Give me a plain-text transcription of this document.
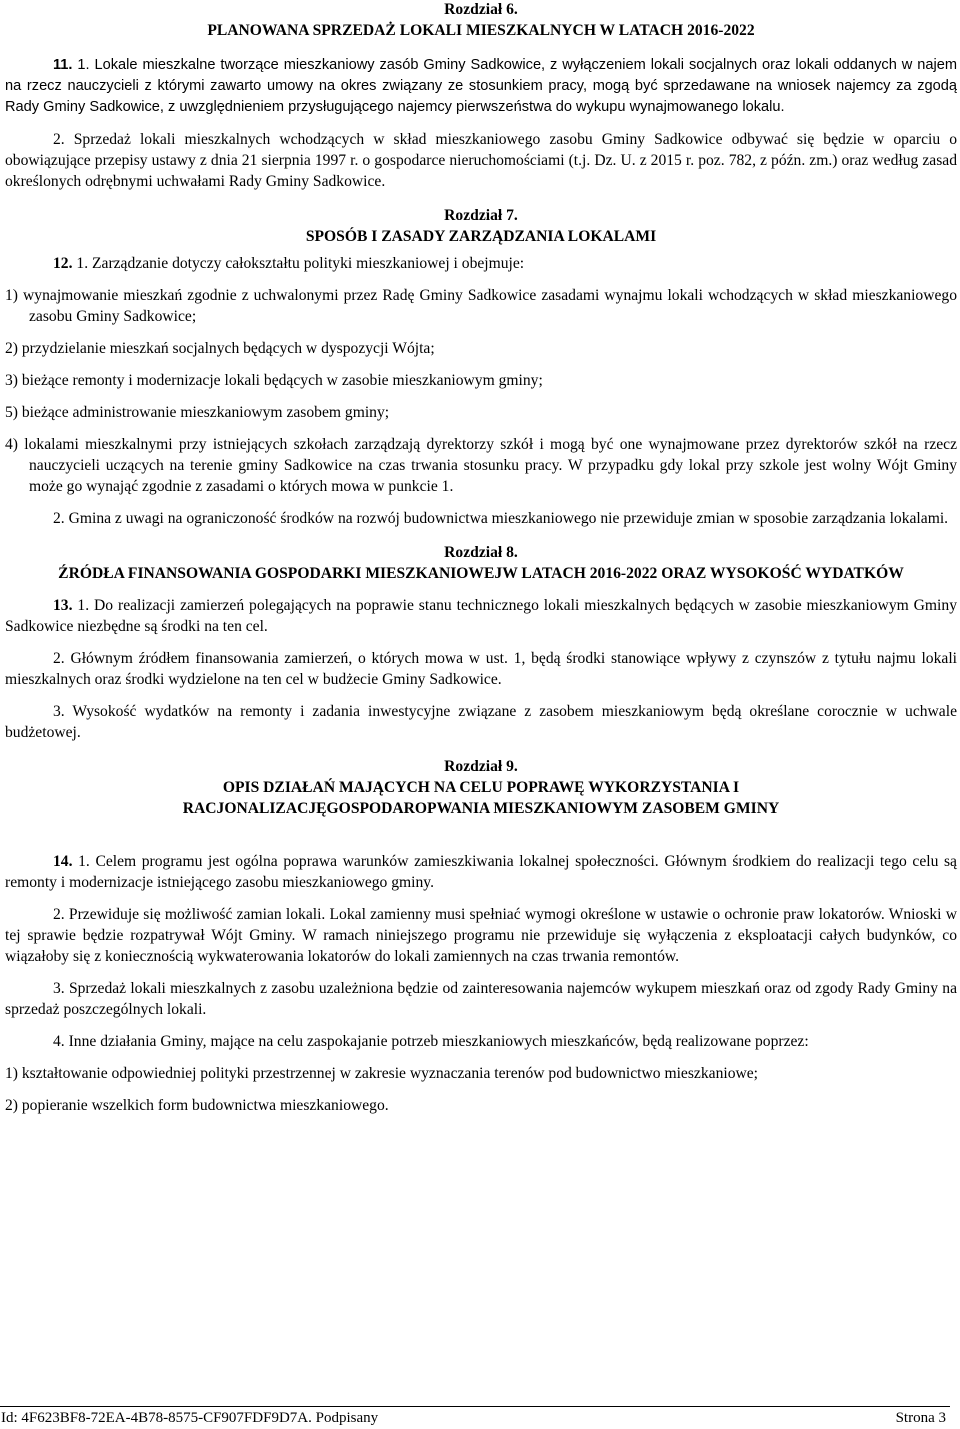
Rozdział 6.
PLANOWANA SPRZEDAŻ LOKALI MIESZKALNYCH W LATACH 2016-2022

11. 1. Lokale mieszkalne tworzące mieszkaniowy zasób Gminy Sadkowice, z wyłączeniem lokali socjalnych oraz lokali oddanych w najem na rzecz nauczycieli z którymi zawarto umowy na okres związany ze stosunkiem pracy, mogą być sprzedawane na wniosek najemcy za zgodą Rady Gminy Sadkowice, z uwzględnieniem przysługującego najemcy pierwszeństwa do wykupu wynajmowanego lokalu.

2. Sprzedaż lokali mieszkalnych wchodzących w skład mieszkaniowego zasobu Gminy Sadkowice odbywać się będzie w oparciu o obowiązujące przepisy ustawy z dnia 21 sierpnia 1997 r. o gospodarce nieruchomościami (t.j. Dz. U. z 2015 r. poz. 782, z późn. zm.) oraz według zasad określonych odrębnymi uchwałami Rady Gminy Sadkowice.

Rozdział 7.
SPOSÓB I ZASADY ZARZĄDZANIA LOKALAMI

12. 1. Zarządzanie dotyczy całokształtu polityki mieszkaniowej i obejmuje:

1) wynajmowanie mieszkań zgodnie z uchwalonymi przez Radę Gminy Sadkowice zasadami wynajmu lokali wchodzących w skład mieszkaniowego zasobu Gminy Sadkowice;

2) przydzielanie mieszkań socjalnych będących w dyspozycji Wójta;

3) bieżące remonty i modernizacje lokali będących w zasobie mieszkaniowym gminy;

5) bieżące administrowanie mieszkaniowym zasobem gminy;

4) lokalami mieszkalnymi przy istniejących szkołach zarządzają dyrektorzy szkół i mogą być one wynajmowane przez dyrektorów szkół na rzecz nauczycieli uczących na terenie gminy Sadkowice na czas trwania stosunku pracy. W przypadku gdy lokal przy szkole jest wolny Wójt Gminy może go wynająć zgodnie z zasadami o których mowa w punkcie 1.

2. Gmina z uwagi na ograniczoność środków na rozwój budownictwa mieszkaniowego nie przewiduje zmian w sposobie zarządzania lokalami.

Rozdział 8.
ŹRÓDŁA FINANSOWANIA GOSPODARKI MIESZKANIOWEJW LATACH 2016-2022 ORAZ WYSOKOŚĆ WYDATKÓW

13. 1. Do realizacji zamierzeń polegających na poprawie stanu technicznego lokali mieszkalnych będących w zasobie mieszkaniowym Gminy Sadkowice niezbędne są środki na ten cel.

2. Głównym źródłem finansowania zamierzeń, o których mowa w ust. 1, będą środki stanowiące wpływy z czynszów z tytułu najmu lokali mieszkalnych oraz środki wydzielone na ten cel w budżecie Gminy Sadkowice.

3. Wysokość wydatków na remonty i zadania inwestycyjne związane z zasobem mieszkaniowym będą określane corocznie w uchwale budżetowej.

Rozdział 9.
OPIS DZIAŁAŃ MAJĄCYCH NA CELU POPRAWĘ WYKORZYSTANIA I RACJONALIZACJĘGOSPODAROPWANIA MIESZKANIOWYM ZASOBEM GMINY

14. 1. Celem programu jest ogólna poprawa warunków zamieszkiwania lokalnej społeczności. Głównym środkiem do realizacji tego celu są remonty i modernizacje istniejącego zasobu mieszkaniowego gminy.

2. Przewiduje się możliwość zamian lokali. Lokal zamienny musi spełniać wymogi określone w ustawie o ochronie praw lokatorów. Wnioski w tej sprawie będzie rozpatrywał Wójt Gminy. W ramach niniejszego programu nie przewiduje się wyłączenia z eksploatacji całych budynków, co wiązałoby się z koniecznością wykwaterowania lokatorów do lokali zamiennych na czas trwania remontów.

3. Sprzedaż lokali mieszkalnych z zasobu uzależniona będzie od zainteresowania najemców wykupem mieszkań oraz od zgody Rady Gminy na sprzedaż poszczególnych lokali.

4. Inne działania Gminy, mające na celu zaspokajanie potrzeb mieszkaniowych mieszkańców, będą realizowane poprzez:

1) kształtowanie odpowiedniej polityki przestrzennej w zakresie wyznaczania terenów pod budownictwo mieszkaniowe;

2) popieranie wszelkich form budownictwa mieszkaniowego.

Id: 4F623BF8-72EA-4B78-8575-CF907FDF9D7A. Podpisany	Strona 3
